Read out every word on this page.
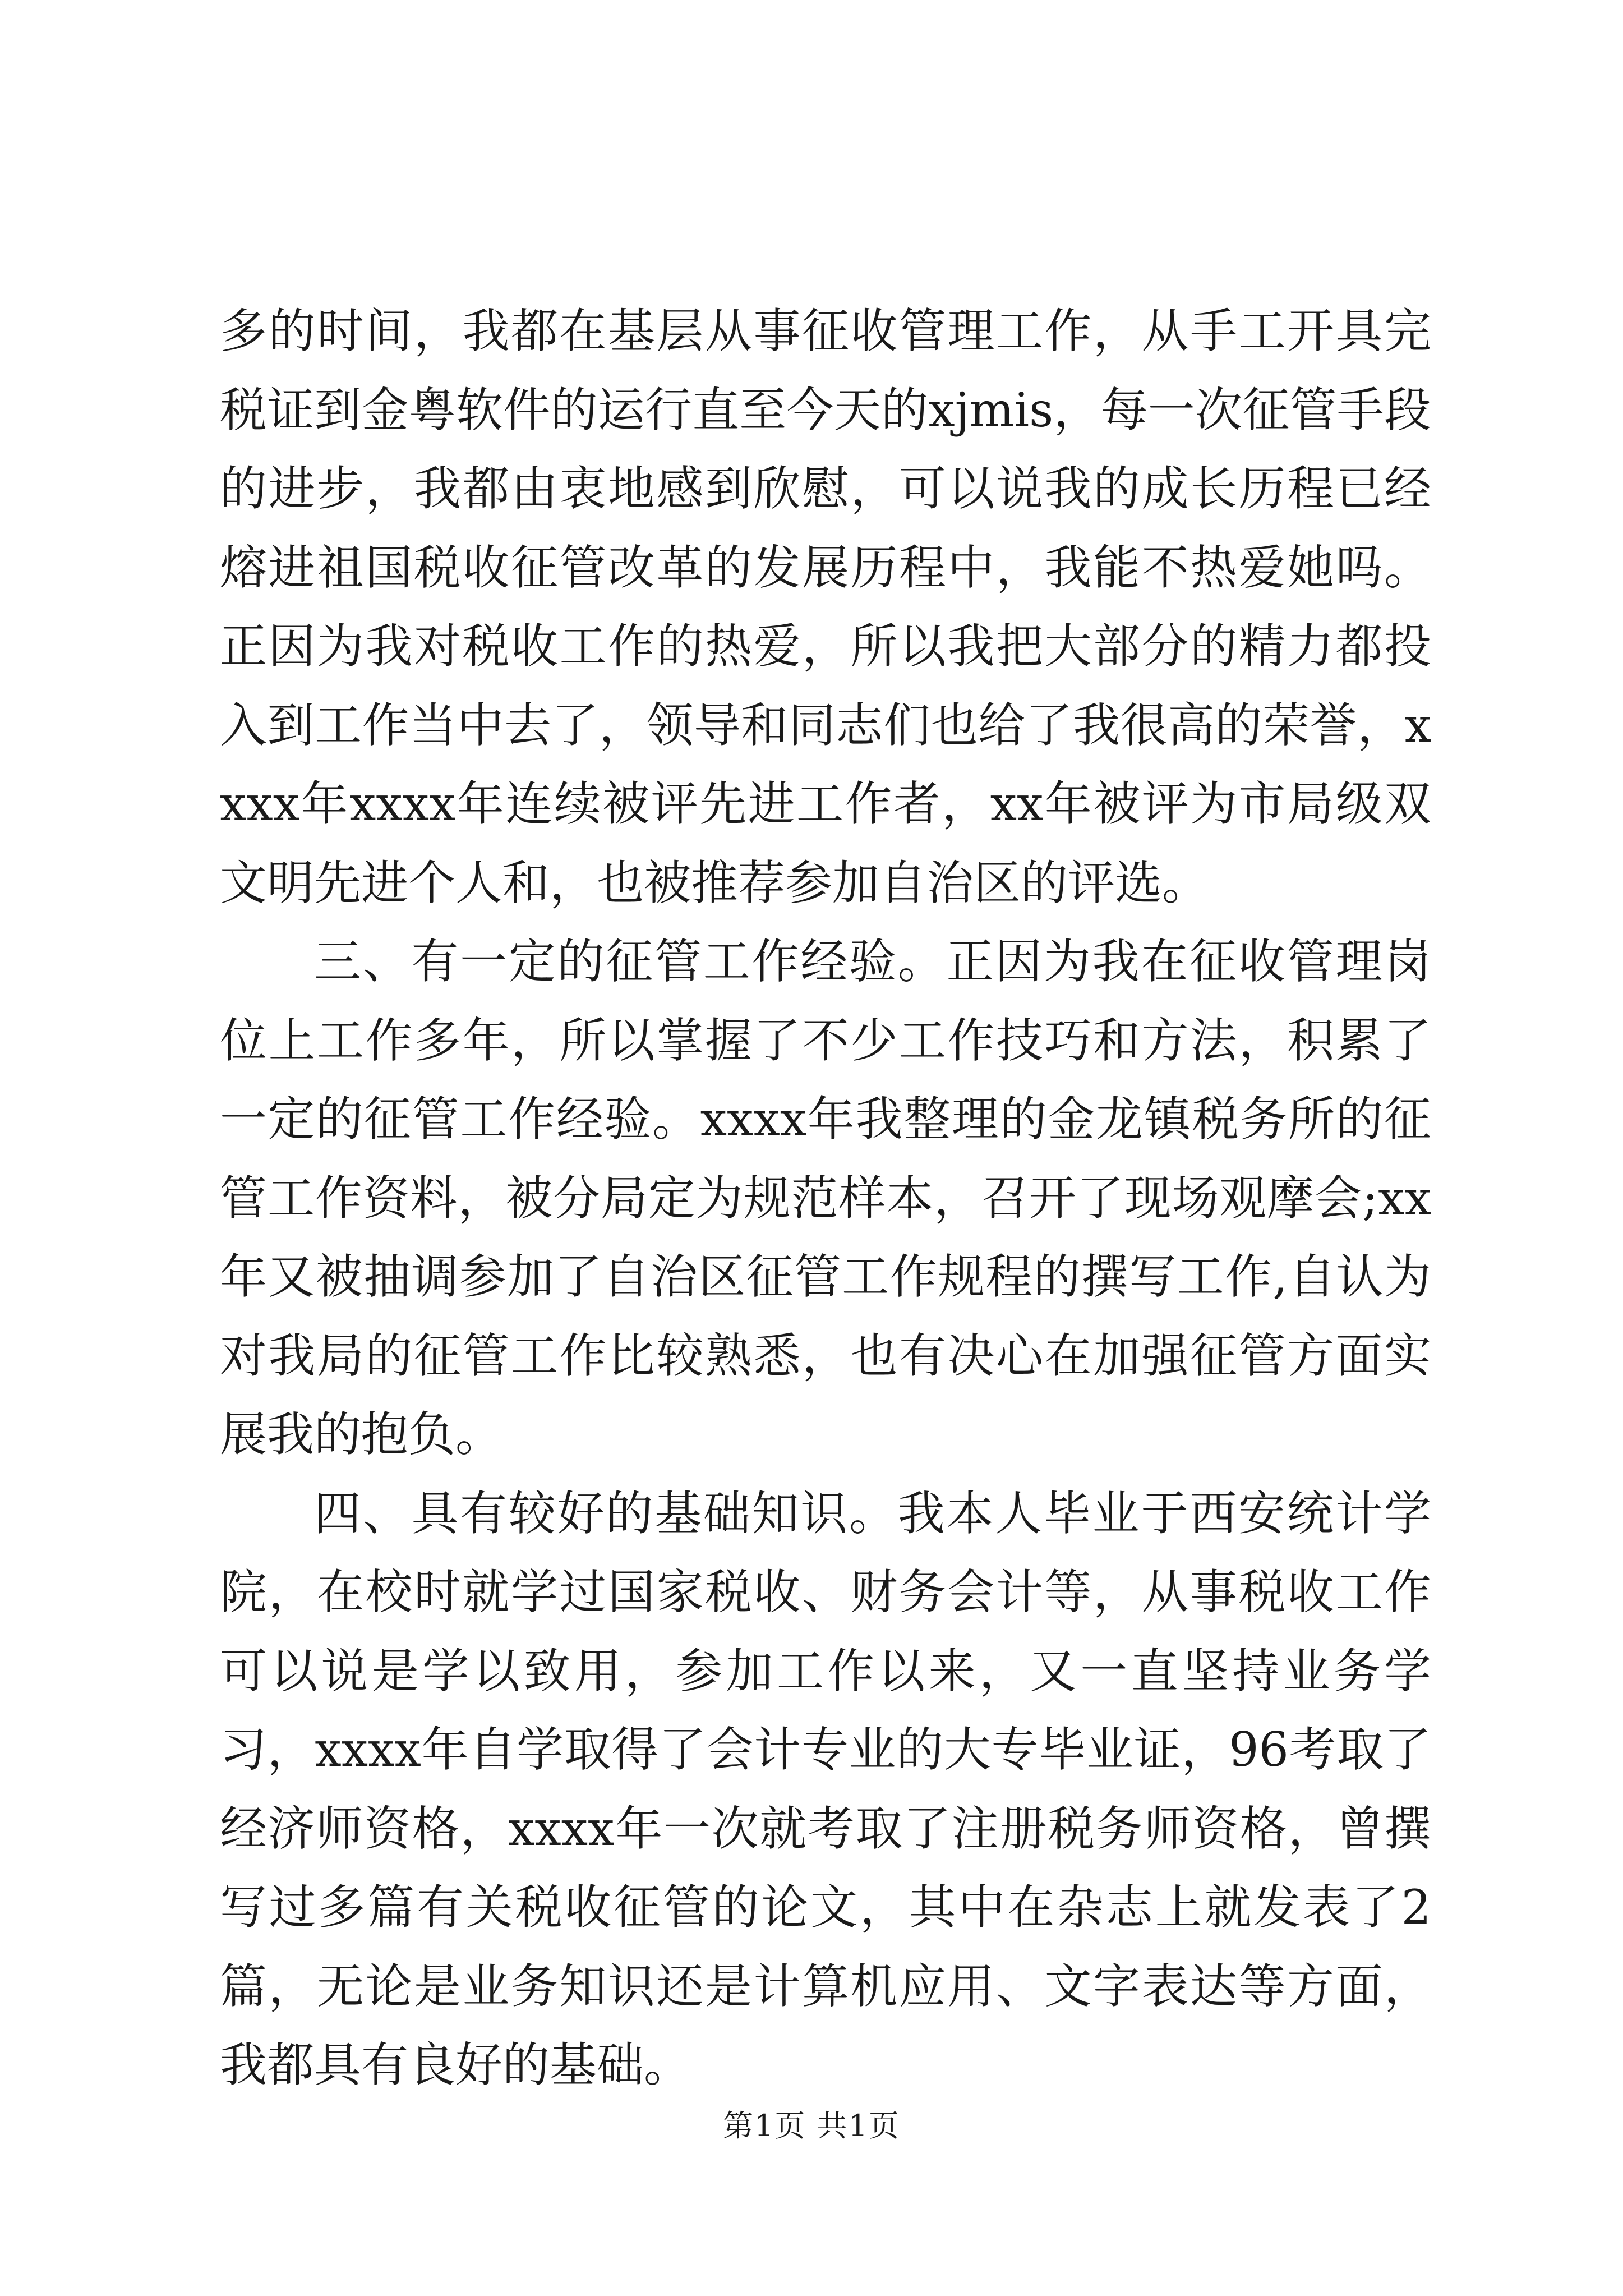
多的时间，我都在基层从事征收管理工作，从手工开具完税证到金粤软件的运行直至今天的xjmis，每一次征管手段的进步，我都由衷地感到欣慰，可以说我的成长历程已经熔进祖国税收征管改革的发展历程中，我能不热爱她吗。正因为我对税收工作的热爱，所以我把大部分的精力都投入到工作当中去了，领导和同志们也给了我很高的荣誉，xxxx年xxxx年连续被评先进工作者，xx年被评为市局级双文明先进个人和，也被推荐参加自治区的评选。

三、有一定的征管工作经验。正因为我在征收管理岗位上工作多年，所以掌握了不少工作技巧和方法，积累了一定的征管工作经验。xxxx年我整理的金龙镇税务所的征管工作资料，被分局定为规范样本，召开了现场观摩会;xx年又被抽调参加了自治区征管工作规程的撰写工作,自认为对我局的征管工作比较熟悉，也有决心在加强征管方面实展我的抱负。

四、具有较好的基础知识。我本人毕业于西安统计学院，在校时就学过国家税收、财务会计等，从事税收工作可以说是学以致用，参加工作以来，又一直坚持业务学习，xxxx年自学取得了会计专业的大专毕业证，96考取了经济师资格，xxxx年一次就考取了注册税务师资格，曾撰写过多篇有关税收征管的论文，其中在杂志上就发表了2篇，无论是业务知识还是计算机应用、文字表达等方面，我都具有良好的基础。

第1页 共1页
